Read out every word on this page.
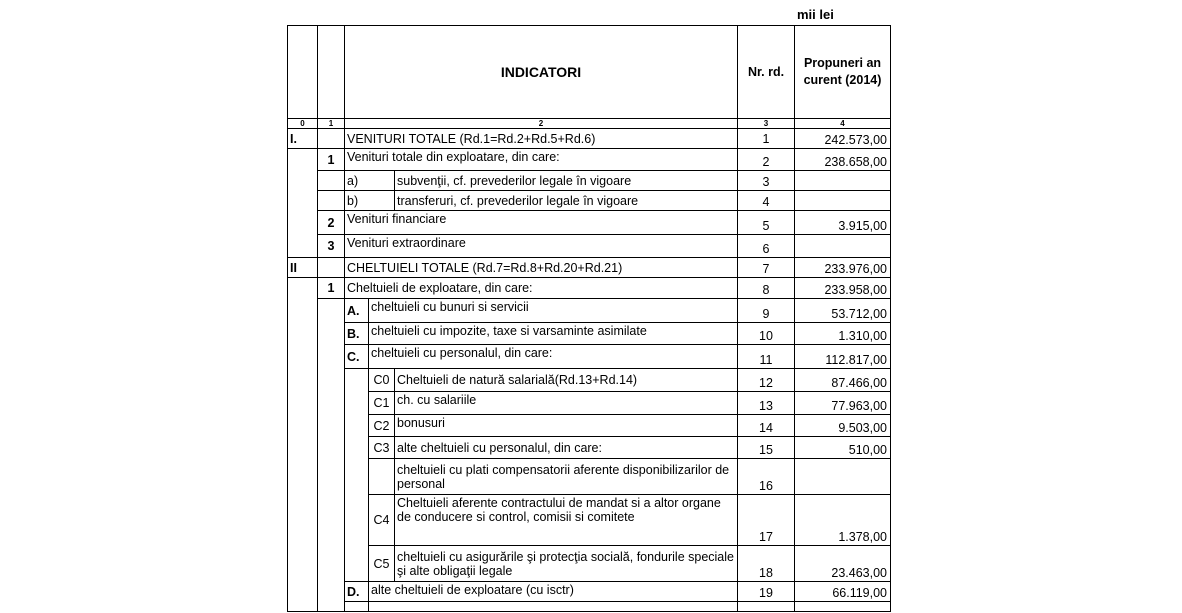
mii lei
		INDICATORI			Nr. rd.	Propuneri an curent (2014)
0	1	2			3	4
I.		VENITURI TOTALE (Rd.1=Rd.2+Rd.5+Rd.6)			1	242.573,00
	1	Venituri totale din exploatare, din care:			2	238.658,00
		a)		subvenţii, cf. prevederilor legale în vigoare	3	
		b)		transferuri, cf. prevederilor legale în vigoare	4	
	2	Venituri financiare			5	3.915,00
	3	Venituri extraordinare			6	
II		CHELTUIELI TOTALE (Rd.7=Rd.8+Rd.20+Rd.21)			7	233.976,00
	1	Cheltuieli de exploatare, din care:			8	233.958,00
		A.	cheltuieli cu bunuri si servicii		9	53.712,00
		B.	cheltuieli cu impozite, taxe si varsaminte asimilate		10	1.310,00
		C.	cheltuieli cu personalul, din care:		11	112.817,00
			C0	Cheltuieli de natură salarială(Rd.13+Rd.14)	12	87.466,00
			C1	ch. cu salariile	13	77.963,00
			C2	bonusuri	14	9.503,00
			C3	alte cheltuieli cu personalul, din care:	15	510,00
				cheltuieli cu plati compensatorii aferente disponibilizarilor de personal	16	
			C4	Cheltuieli aferente contractului de mandat si a altor organe de conducere si control, comisii si comitete	17	1.378,00
			C5	cheltuieli cu asigurările şi protecţia socială, fondurile speciale şi alte obligaţii legale	18	23.463,00
		D.	alte cheltuieli de exploatare (cu isctr)		19	66.119,00
